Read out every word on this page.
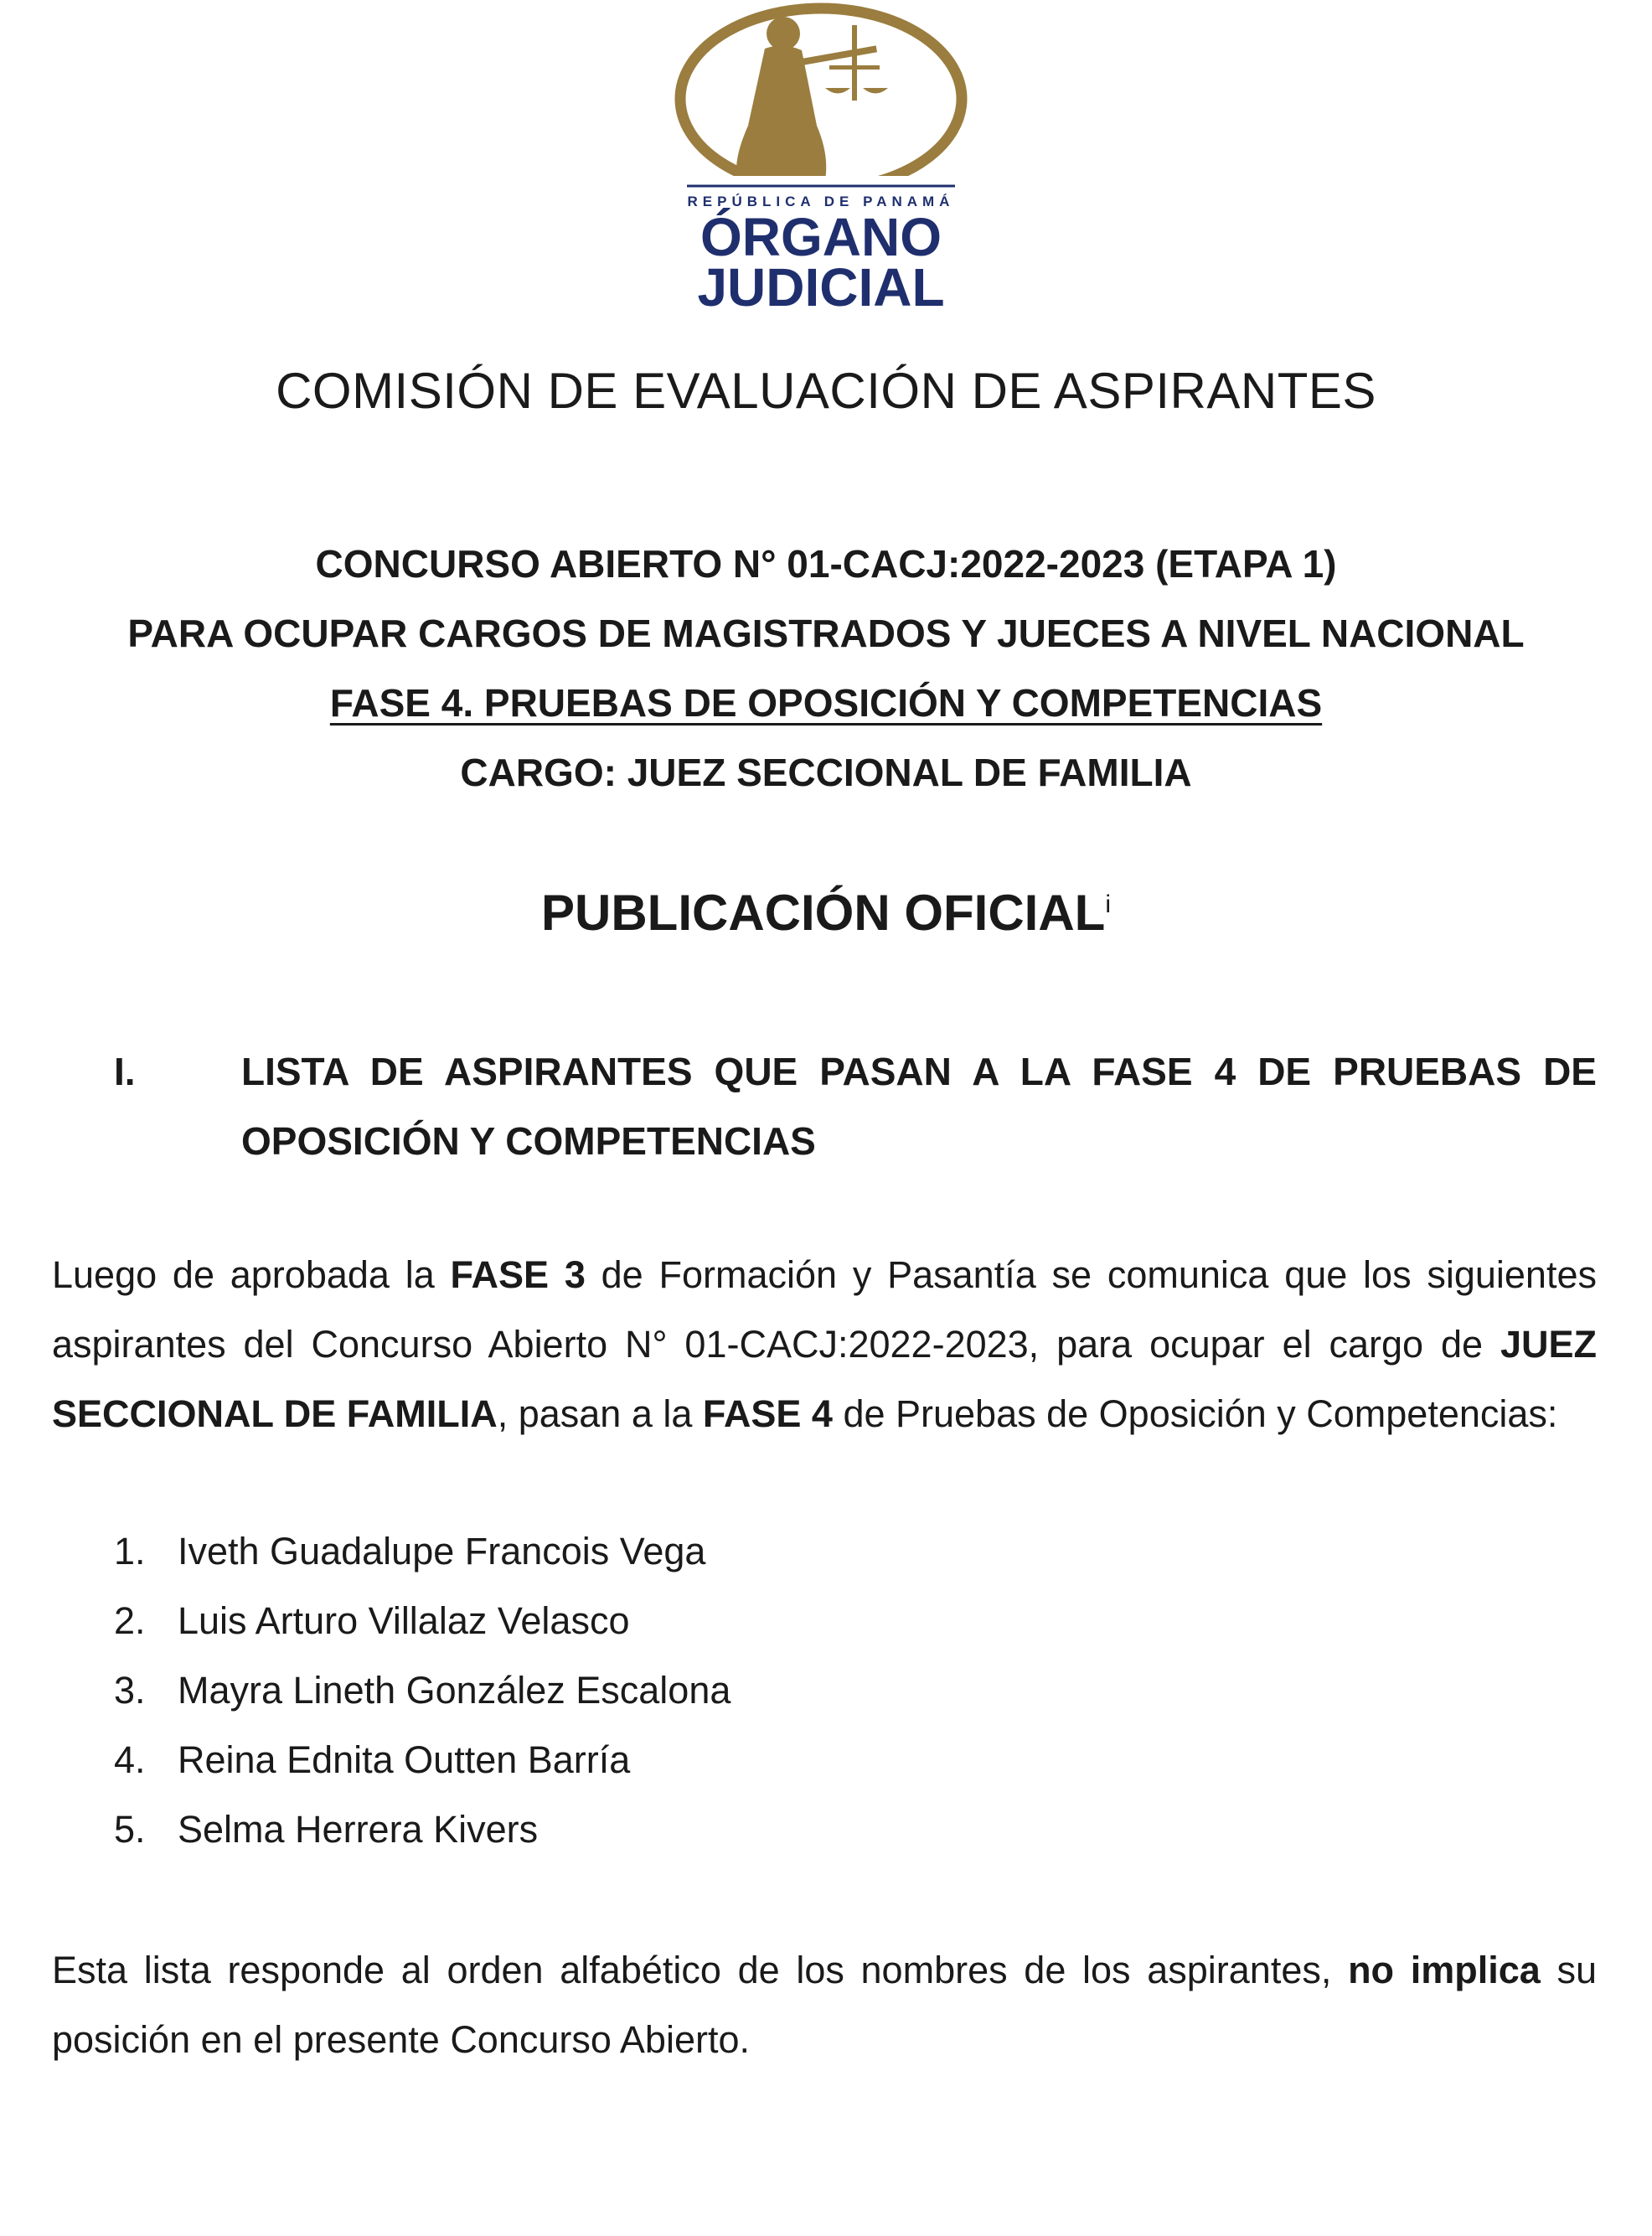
REPÚBLICA DE PANAMÁ
ÓRGANO
JUDICIAL
COMISIÓN DE EVALUACIÓN DE ASPIRANTES
CONCURSO ABIERTO N° 01-CACJ:2022-2023 (ETAPA 1)
PARA OCUPAR CARGOS DE MAGISTRADOS Y JUECES A NIVEL NACIONAL
FASE 4. PRUEBAS DE OPOSICIÓN Y COMPETENCIAS
CARGO: JUEZ SECCIONAL DE FAMILIA
PUBLICACIÓN OFICIAL$^i$
I.	LISTA DE ASPIRANTES QUE PASAN A LA FASE 4 DE PRUEBAS DE OPOSICIÓN Y COMPETENCIAS
Luego de aprobada la FASE 3 de Formación y Pasantía se comunica que los siguientes aspirantes del Concurso Abierto N° 01-CACJ:2022-2023, para ocupar el cargo de JUEZ SECCIONAL DE FAMILIA, pasan a la FASE 4 de Pruebas de Oposición y Competencias:
1. Iveth Guadalupe Francois Vega
2. Luis Arturo Villalaz Velasco
3. Mayra Lineth González Escalona
4. Reina Ednita Outten Barría
5. Selma Herrera Kivers
Esta lista responde al orden alfabético de los nombres de los aspirantes, no implica su posición en el presente Concurso Abierto.
